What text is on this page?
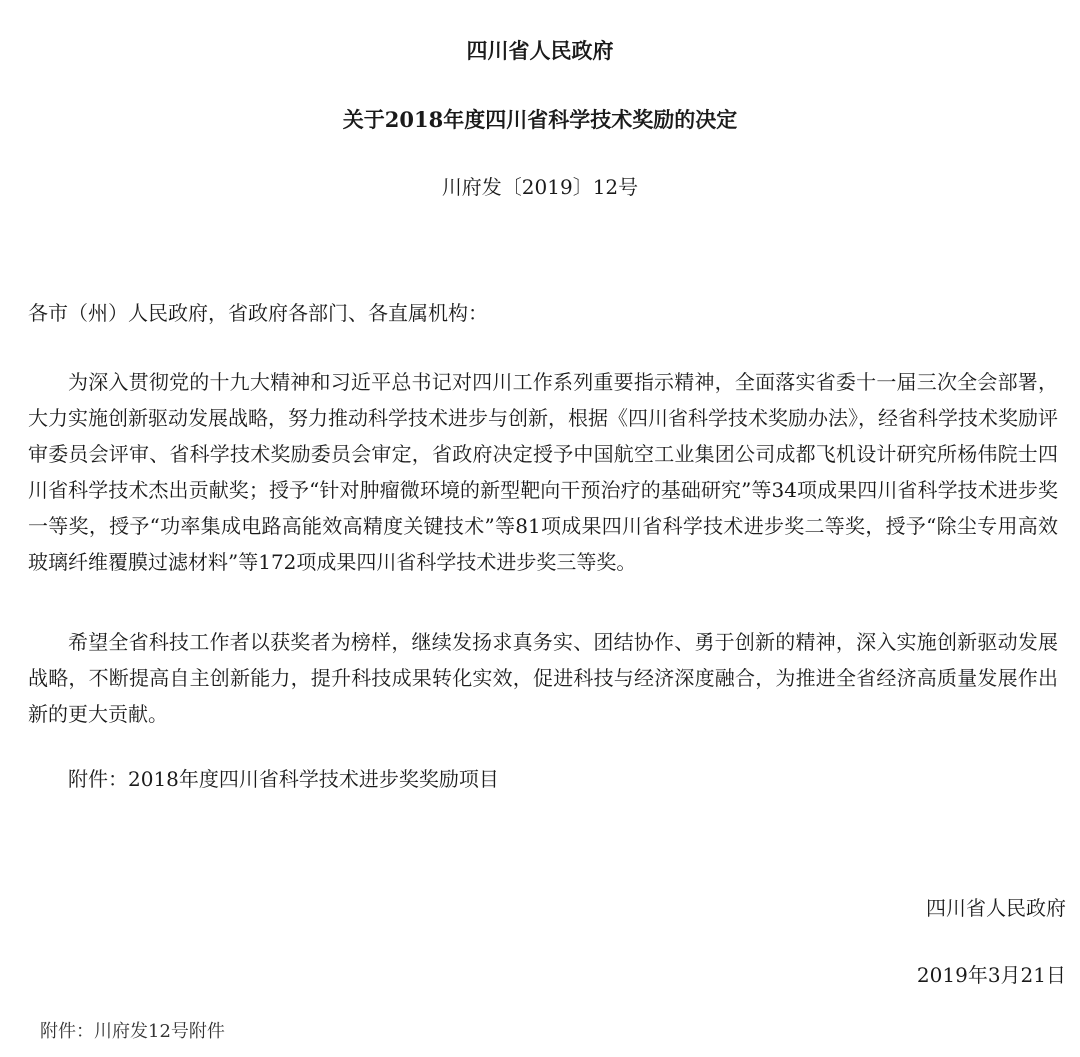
四川省人民政府
关于2018年度四川省科学技术奖励的决定
川府发〔2019〕12号
各市（州）人民政府，省政府各部门、各直属机构：

为深入贯彻党的十九大精神和习近平总书记对四川工作系列重要指示精神，全面落实省委十一届三次全会部署，大力实施创新驱动发展战略，努力推动科学技术进步与创新，根据《四川省科学技术奖励办法》，经省科学技术奖励评审委员会评审、省科学技术奖励委员会审定，省政府决定授予中国航空工业集团公司成都飞机设计研究所杨伟院士四川省科学技术杰出贡献奖；授予“针对肿瘤微环境的新型靶向干预治疗的基础研究”等34项成果四川省科学技术进步奖一等奖，授予“功率集成电路高能效高精度关键技术”等81项成果四川省科学技术进步奖二等奖，授予“除尘专用高效玻璃纤维覆膜过滤材料”等172项成果四川省科学技术进步奖三等奖。

希望全省科技工作者以获奖者为榜样，继续发扬求真务实、团结协作、勇于创新的精神，深入实施创新驱动发展战略，不断提高自主创新能力，提升科技成果转化实效，促进科技与经济深度融合，为推进全省经济高质量发展作出新的更大贡献。

附件：2018年度四川省科学技术进步奖奖励项目
四川省人民政府
2019年3月21日
附件：川府发12号附件
